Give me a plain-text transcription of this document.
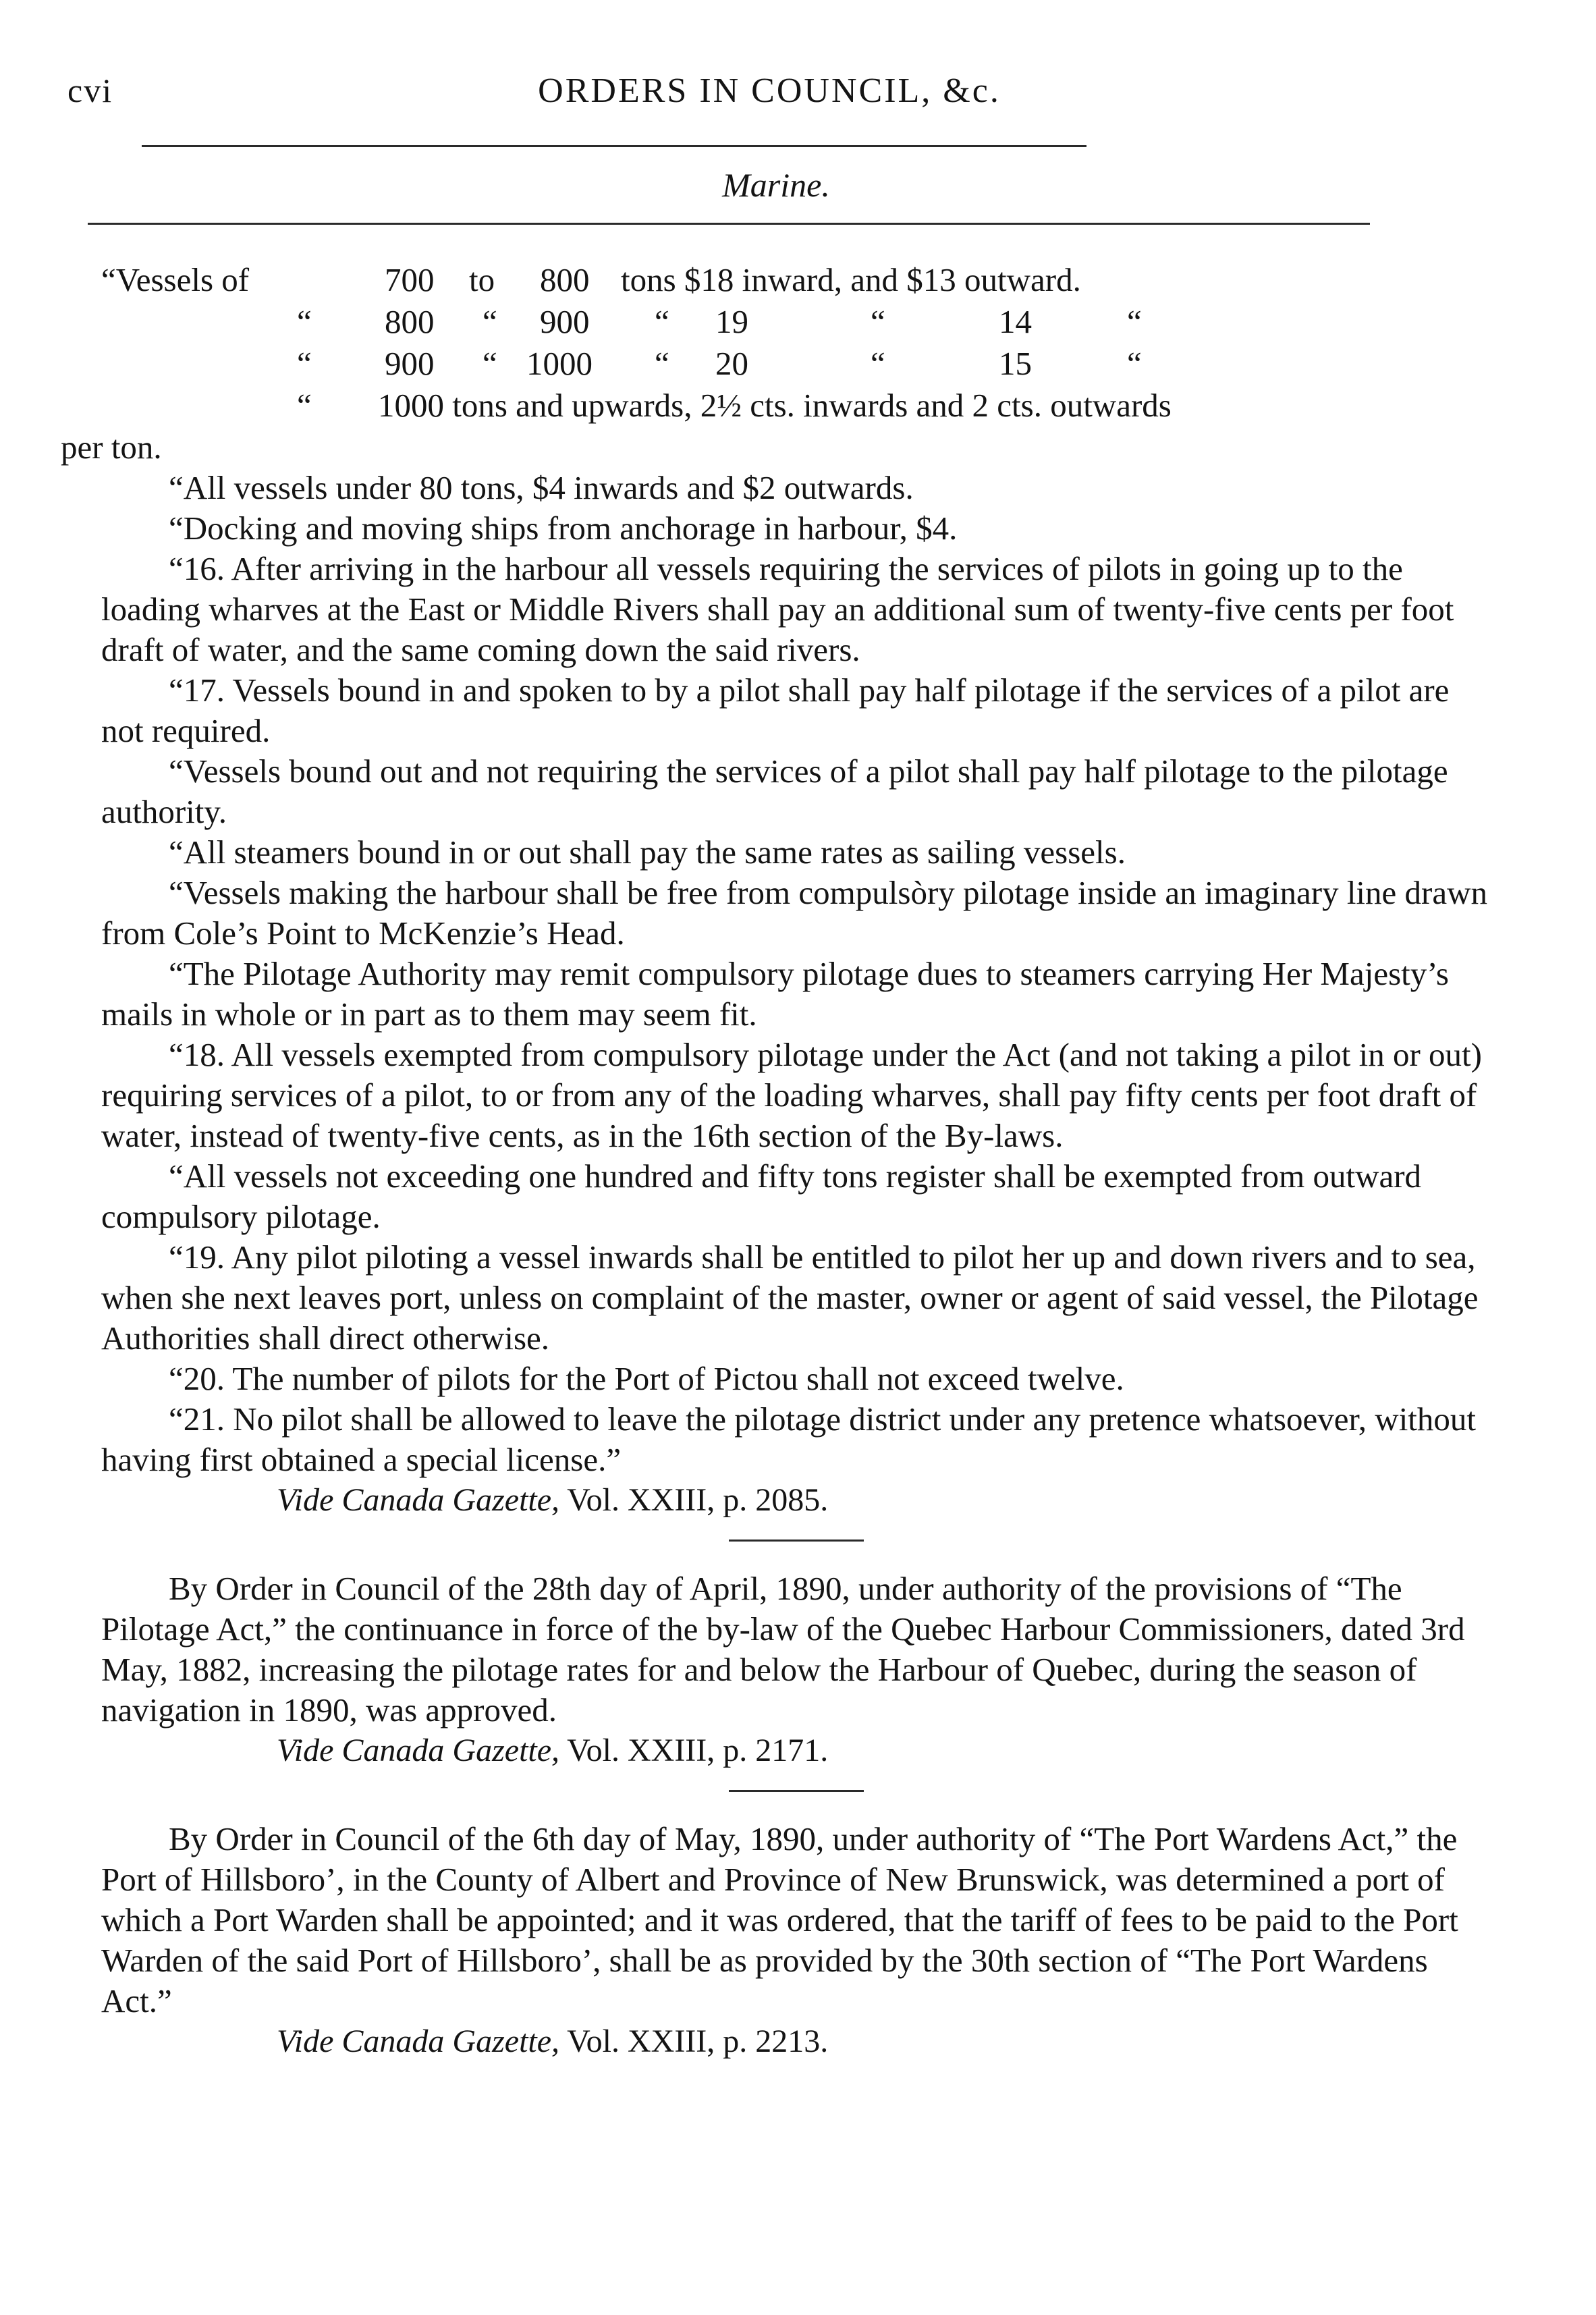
cvi	ORDERS IN COUNCIL, &c.
Marine.
“Vessels of	700 to 800 tons $18 inward, and $13 outward.
“ 800 “ 900 “ 19	“	14	“
“ 900 “ 1000 “ 20	“	15	“
“ 1000 tons and upwards, 2½ cts. inwards and 2 cts. outwards

per ton.

“All vessels under 80 tons, $4 inwards and $2 outwards.

“Docking and moving ships from anchorage in harbour, $4.

“16. After arriving in the harbour all vessels requiring the services of pilots in going up to the loading wharves at the East or Middle Rivers shall pay an additional sum of twenty-five cents per foot draft of water, and the same coming down the said rivers.

“17. Vessels bound in and spoken to by a pilot shall pay half pilotage if the services of a pilot are not required.

“Vessels bound out and not requiring the services of a pilot shall pay half pilotage to the pilotage authority.

“All steamers bound in or out shall pay the same rates as sailing vessels.

“Vessels making the harbour shall be free from compulsòry pilotage inside an imaginary line drawn from Cole’s Point to McKenzie’s Head.

“The Pilotage Authority may remit compulsory pilotage dues to steamers carrying Her Majesty’s mails in whole or in part as to them may seem fit.

“18. All vessels exempted from compulsory pilotage under the Act (and not taking a pilot in or out) requiring services of a pilot, to or from any of the loading wharves, shall pay fifty cents per foot draft of water, instead of twenty-five cents, as in the 16th section of the By-laws.

“All vessels not exceeding one hundred and fifty tons register shall be exempted from outward compulsory pilotage.

“19. Any pilot piloting a vessel inwards shall be entitled to pilot her up and down rivers and to sea, when she next leaves port, unless on complaint of the master, owner or agent of said vessel, the Pilotage Authorities shall direct otherwise.

“20. The number of pilots for the Port of Pictou shall not exceed twelve.

“21. No pilot shall be allowed to leave the pilotage district under any pretence whatsoever, without having first obtained a special license.”

Vide Canada Gazette, Vol. XXIII, p. 2085.

By Order in Council of the 28th day of April, 1890, under authority of the provisions of “The Pilotage Act,” the continuance in force of the by-law of the Quebec Harbour Commissioners, dated 3rd May, 1882, increasing the pilotage rates for and below the Harbour of Quebec, during the season of navigation in 1890, was approved.

Vide Canada Gazette, Vol. XXIII, p. 2171.

By Order in Council of the 6th day of May, 1890, under authority of “The Port Wardens Act,” the Port of Hillsboro’, in the County of Albert and Province of New Brunswick, was determined a port of which a Port Warden shall be appointed; and it was ordered, that the tariff of fees to be paid to the Port Warden of the said Port of Hillsboro’, shall be as provided by the 30th section of “The Port Wardens Act.”

Vide Canada Gazette, Vol. XXIII, p. 2213.
